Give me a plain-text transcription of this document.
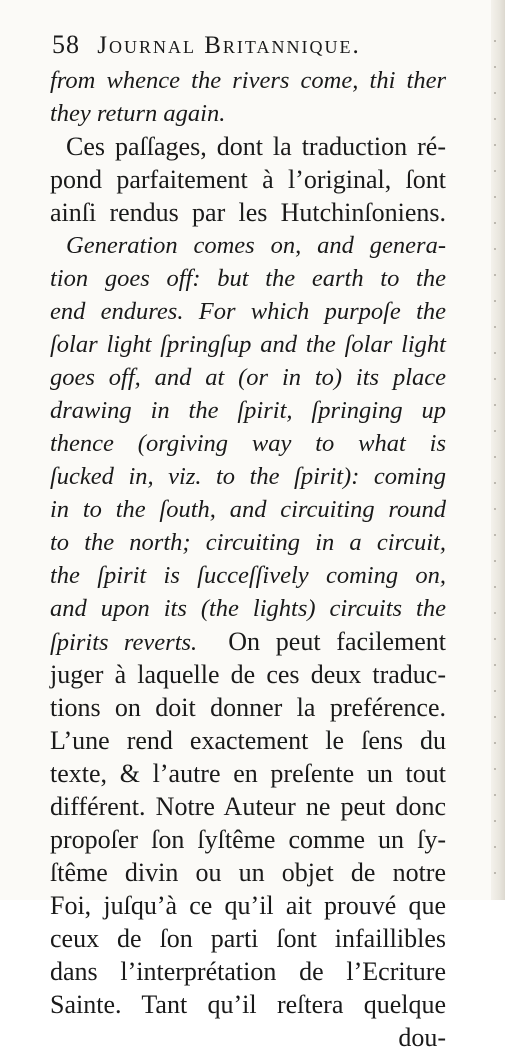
58 Journal Britannique.
from whence the rivers come, thi ther
they return again.
Ces paſſages, dont la traduction ré-
pond parfaitement à l’original, ſont
ainſi rendus par les Hutchinſoniens.
Generation comes on, and genera-
tion goes off: but the earth to the
end endures. For which purpoſe the
ſolar light ſpringſup and the ſolar light
goes off, and at (or in to) its place
drawing in the ſpirit, ſpringing up
thence (orgiving way to what is
ſucked in, viz. to the ſpirit): coming
in to the ſouth, and circuiting round
to the north; circuiting in a circuit,
the ſpirit is ſucceſſively coming on,
and upon its (the lights) circuits the
ſpirits reverts.  On peut facilement
juger à laquelle de ces deux traduc-
tions on doit donner la preférence.
L’une rend exactement le ſens du
texte, & l’autre en preſente un tout
différent. Notre Auteur ne peut donc
propoſer ſon ſyſtême comme un ſy-
ſtême divin ou un objet de notre
Foi, juſqu’à ce qu’il ait prouvé que
ceux de ſon parti ſont infaillibles
dans l’interprétation de l’Ecriture
Sainte. Tant qu’il reſtera quelque
dou-
